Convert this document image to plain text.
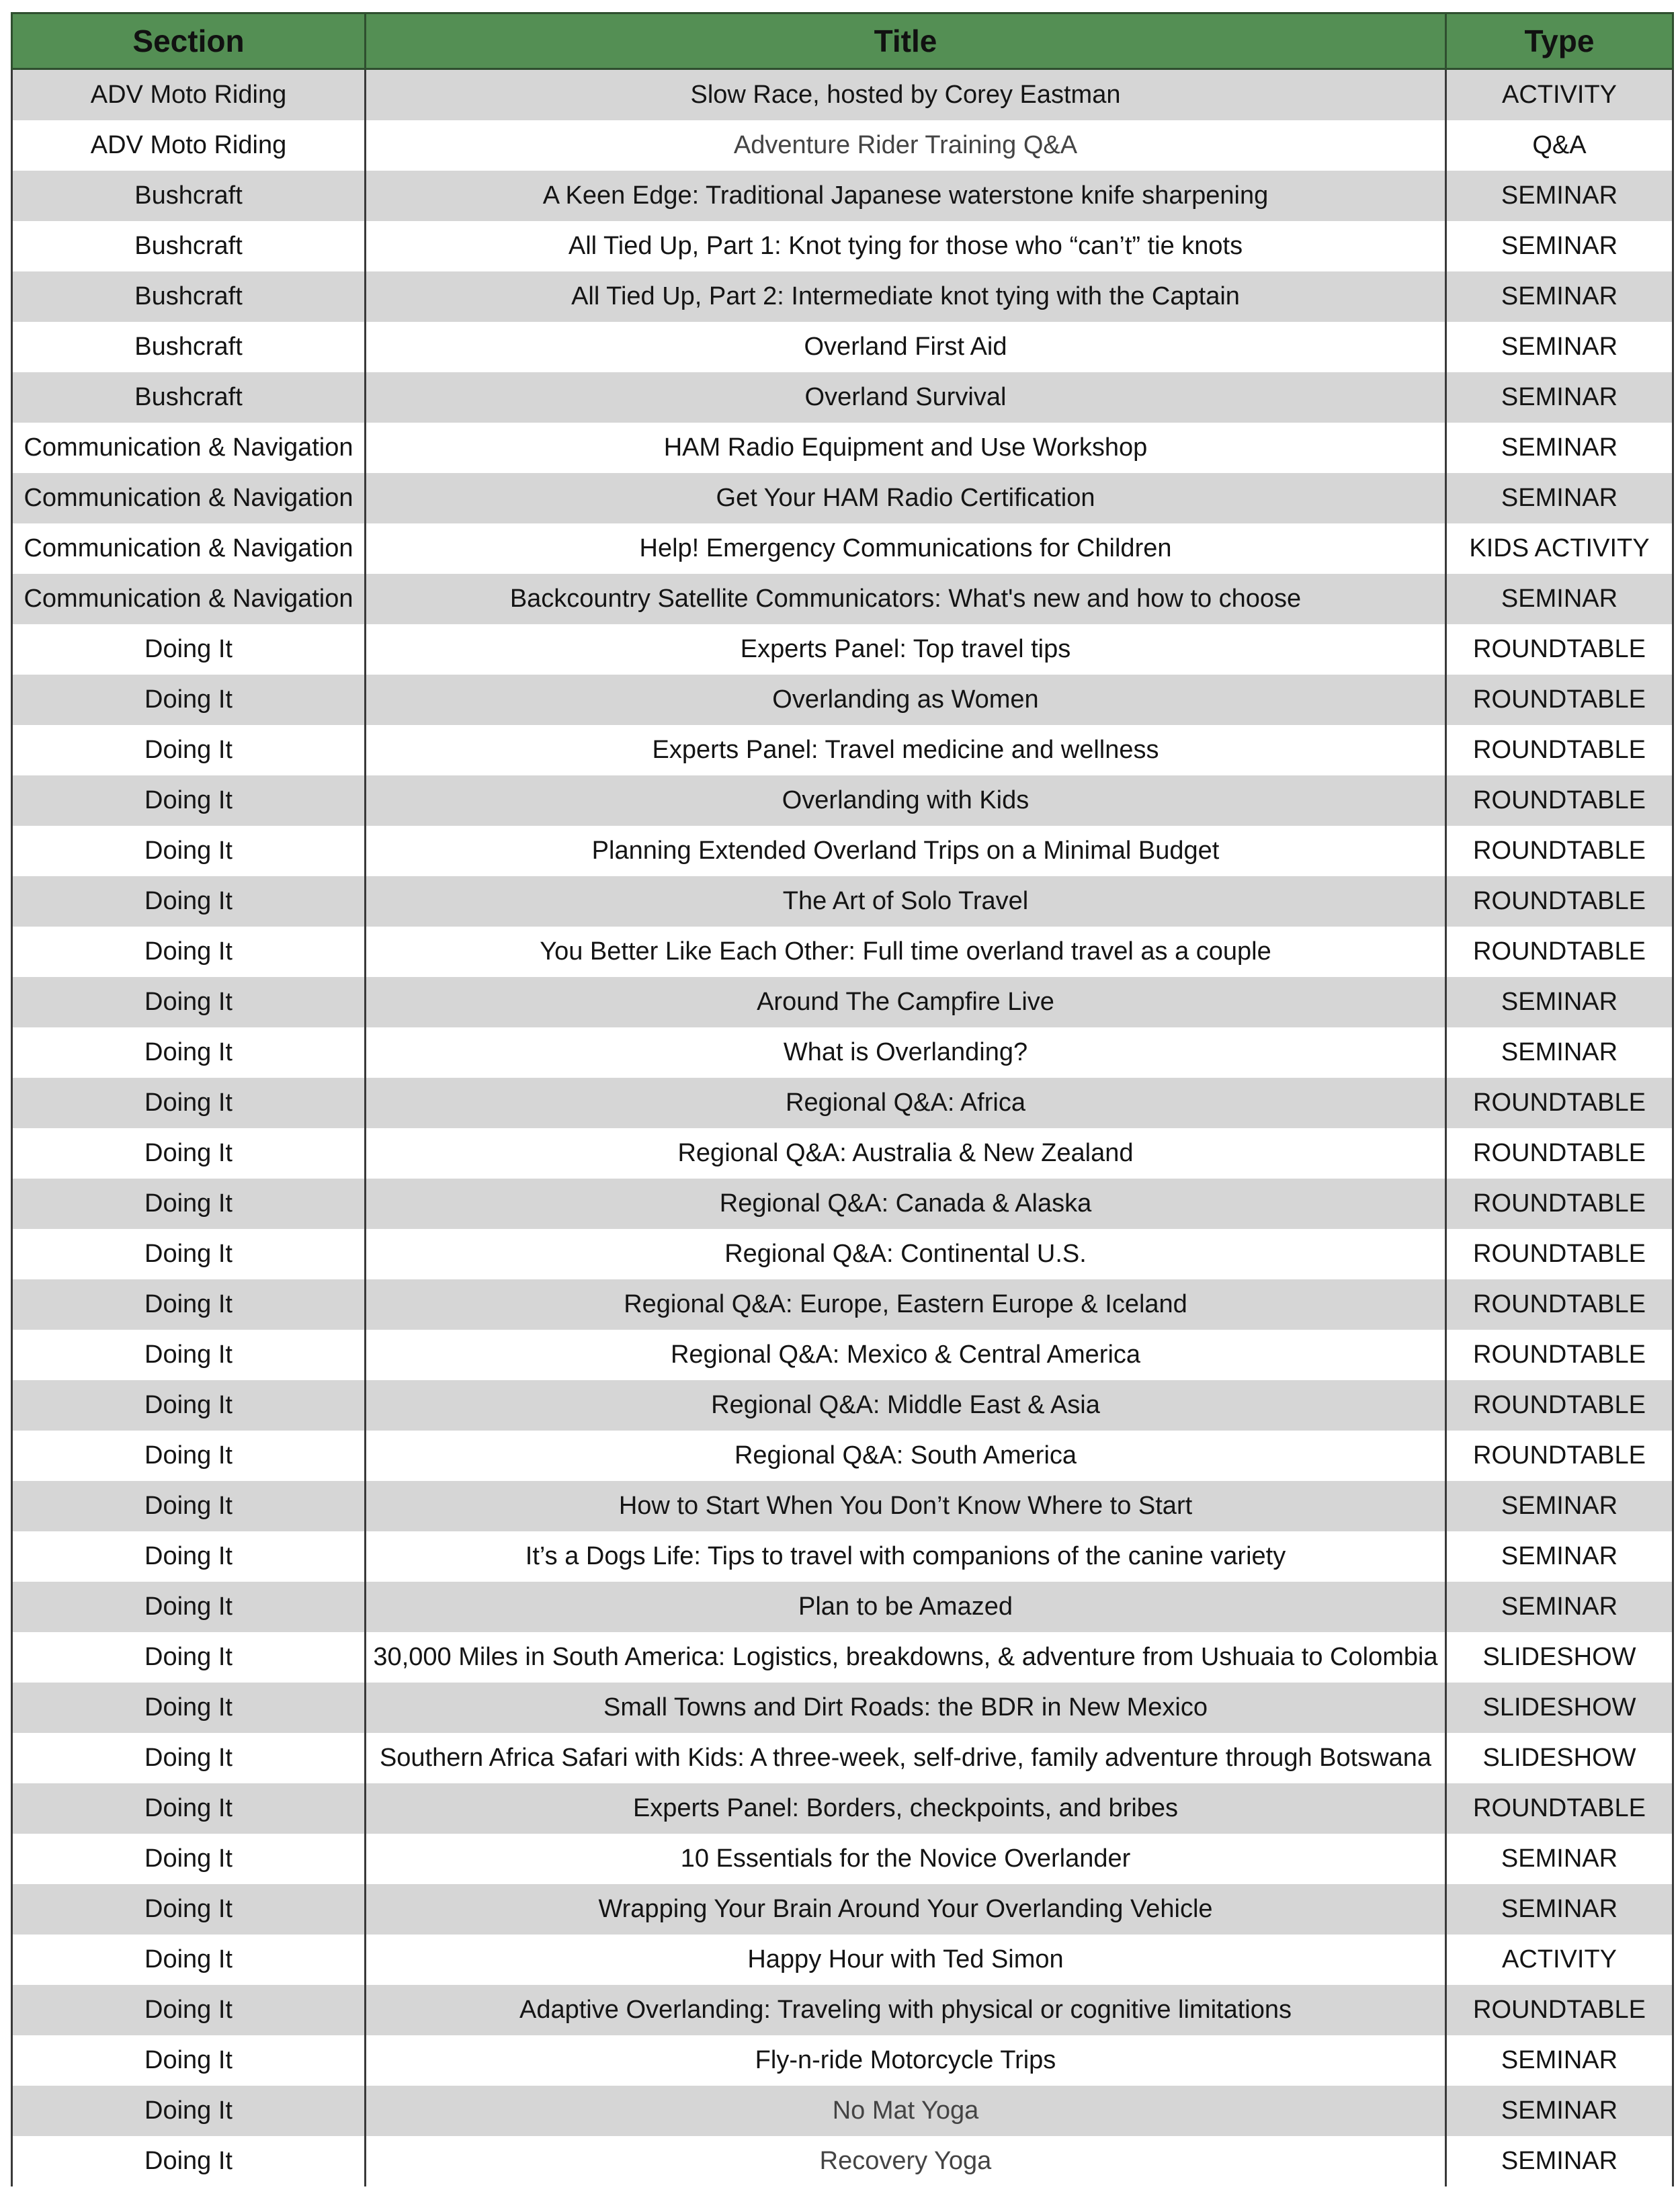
Section	Title	Type
ADV Moto Riding	Slow Race, hosted by Corey Eastman	ACTIVITY
ADV Moto Riding	Adventure Rider Training Q&A	Q&A
Bushcraft	A Keen Edge: Traditional Japanese waterstone knife sharpening	SEMINAR
Bushcraft	All Tied Up, Part 1: Knot tying for those who “can’t” tie knots	SEMINAR
Bushcraft	All Tied Up, Part 2: Intermediate knot tying with the Captain	SEMINAR
Bushcraft	Overland First Aid	SEMINAR
Bushcraft	Overland Survival	SEMINAR
Communication & Navigation	HAM Radio Equipment and Use Workshop	SEMINAR
Communication & Navigation	Get Your HAM Radio Certification	SEMINAR
Communication & Navigation	Help! Emergency Communications for Children	KIDS ACTIVITY
Communication & Navigation	Backcountry Satellite Communicators: What's new and how to choose	SEMINAR
Doing It	Experts Panel: Top travel tips	ROUNDTABLE
Doing It	Overlanding as Women	ROUNDTABLE
Doing It	Experts Panel: Travel medicine and wellness	ROUNDTABLE
Doing It	Overlanding with Kids	ROUNDTABLE
Doing It	Planning Extended Overland Trips on a Minimal Budget	ROUNDTABLE
Doing It	The Art of Solo Travel	ROUNDTABLE
Doing It	You Better Like Each Other: Full time overland travel as a couple	ROUNDTABLE
Doing It	Around The Campfire Live	SEMINAR
Doing It	What is Overlanding?	SEMINAR
Doing It	Regional Q&A: Africa	ROUNDTABLE
Doing It	Regional Q&A: Australia & New Zealand	ROUNDTABLE
Doing It	Regional Q&A: Canada & Alaska	ROUNDTABLE
Doing It	Regional Q&A: Continental U.S.	ROUNDTABLE
Doing It	Regional Q&A: Europe, Eastern Europe & Iceland	ROUNDTABLE
Doing It	Regional Q&A: Mexico & Central America	ROUNDTABLE
Doing It	Regional Q&A: Middle East & Asia	ROUNDTABLE
Doing It	Regional Q&A: South America	ROUNDTABLE
Doing It	How to Start When You Don’t Know Where to Start	SEMINAR
Doing It	It’s a Dogs Life: Tips to travel with companions of the canine variety	SEMINAR
Doing It	Plan to be Amazed	SEMINAR
Doing It	30,000 Miles in South America: Logistics, breakdowns, & adventure from Ushuaia to Colombia	SLIDESHOW
Doing It	Small Towns and Dirt Roads: the BDR in New Mexico	SLIDESHOW
Doing It	Southern Africa Safari with Kids: A three-week, self-drive, family adventure through Botswana	SLIDESHOW
Doing It	Experts Panel: Borders, checkpoints, and bribes	ROUNDTABLE
Doing It	10 Essentials for the Novice Overlander	SEMINAR
Doing It	Wrapping Your Brain Around Your Overlanding Vehicle	SEMINAR
Doing It	Happy Hour with Ted Simon	ACTIVITY
Doing It	Adaptive Overlanding: Traveling with physical or cognitive limitations	ROUNDTABLE
Doing It	Fly-n-ride Motorcycle Trips	SEMINAR
Doing It	No Mat Yoga	SEMINAR
Doing It	Recovery Yoga	SEMINAR
